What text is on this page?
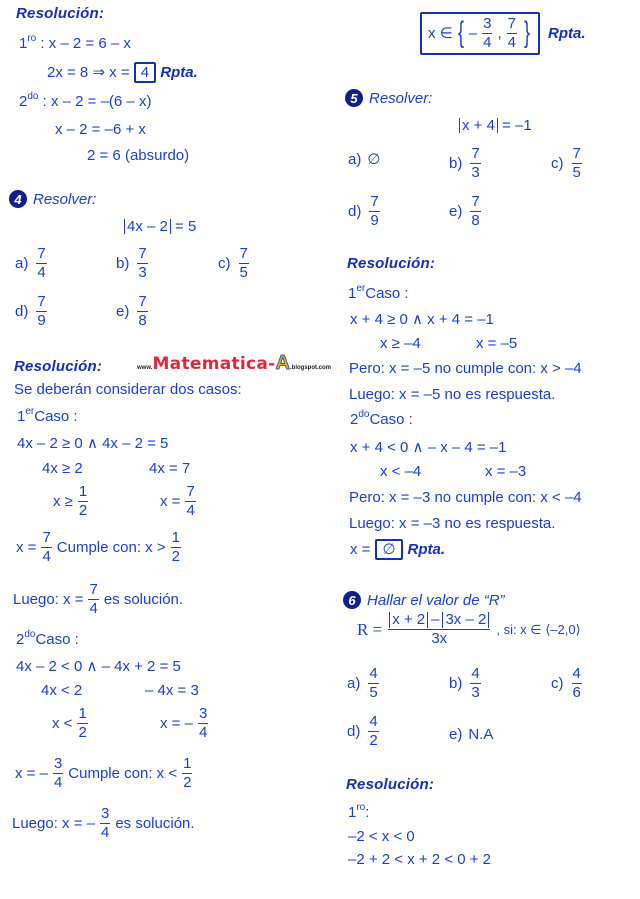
Resolución:
$1^{ro}$ : x – 2 = 6 – x
2x = 8 ⇒ x = 4 Rpta.
$2^{do}$ : x – 2 = –(6 – x)
x – 2 = –6 + x
2 = 6 (absurdo)
4 Resolver:
4x – 2 = 5
$a) \frac{7}{4}$	$b) \frac{7}{3}$	$c) \frac{7}{5}$
$d) \frac{7}{9}$	$e) \frac{7}{8}$
Resolución:	www. Matematica- A .blogspot.com
Se deberán considerar dos casos:
1erCaso :
4x – 2 ≥ 0 ∧ 4x – 2 = 5
4x ≥ 2	4x = 7
$x \ge \frac{1}{2}$	$x = \frac{7}{4}$
$x = \frac{7}{4}$ Cumple con: $x > \frac{1}{2}$
Luego: $x = \frac{7}{4}$ es solución.
$2^{do}Caso$ :
4x – 2 < 0 ∧ – 4x + 2 = 5
4x < 2	– 4x = 3
$x < \frac{1}{2}$	x = – $\frac{3}{4}$
x = – $\frac{3}{4}$ Cumple con: $x < \frac{1}{2}$
Luego: x = – $\frac{3}{4}$ es solución.
x ∈ { – $\frac{3}{4}$ , $\frac{7}{4}$ } Rpta.
5 Resolver:
x + 4 = –1
a) ∅	$b) \frac{7}{3}$	$c) \frac{7}{5}$
$d) \frac{7}{9}$	$e) \frac{7}{8}$
Resolución:
1erCaso :
x + 4 ≥ 0 ∧ x + 4 = –1
x ≥ –4	x = –5
Pero: x = –5 no cumple con: x > –4
Luego: x = –5 no es respuesta.
$2^{do}Caso$ :
x + 4 < 0 ∧ – x – 4 = –1
x < –4	x = –3
Pero: x = –3 no cumple con: x < –4
Luego: x = –3 no es respuesta.
x = ∅ Rpta.
6 Hallar el valor de “R”
$R = \frac{x + 2 - 3x - 2}{3x}$ , si: x ∈ ⟨–2,0⟩
$a) \frac{4}{5}$	$b) \frac{4}{3}$	$c) \frac{4}{6}$
$d) \frac{4}{2}$	e) N.A
Resolución:
$1^{ro}$:
–2 < x < 0
–2 + 2 < x + 2 < 0 + 2
